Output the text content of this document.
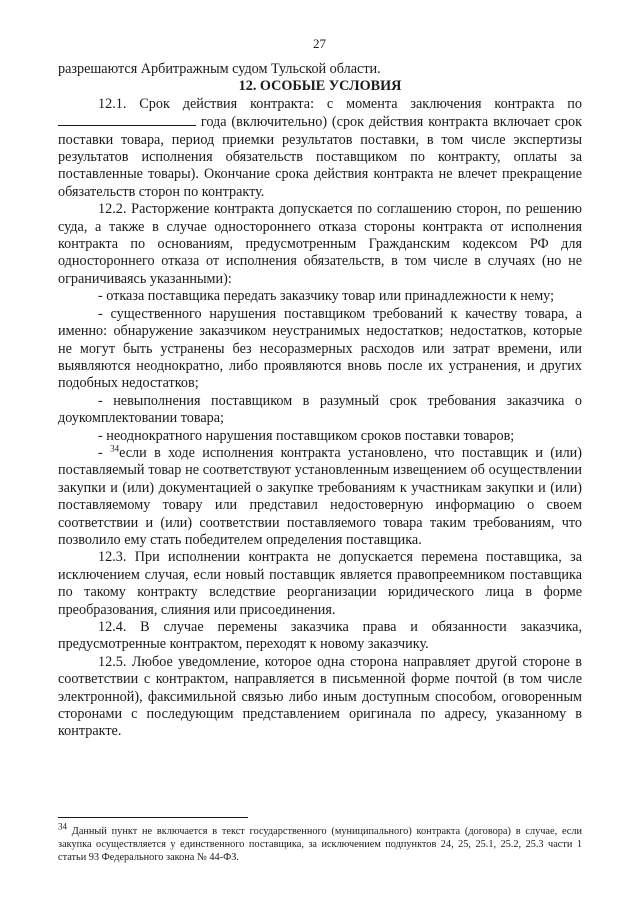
27

разрешаются Арбитражным судом Тульской области.

12. ОСОБЫЕ УСЛОВИЯ

12.1. Срок действия контракта: с момента заключения контракта по  года (включительно) (срок действия контракта включает срок поставки товара, период приемки результатов поставки, в том числе экспертизы результатов исполнения обязательств поставщиком по контракту, оплаты за поставленные товары). Окончание срока действия контракта не влечет прекращение обязательств сторон по контракту.

12.2. Расторжение контракта допускается по соглашению сторон, по решению суда, а также в случае одностороннего отказа стороны контракта от исполнения контракта по основаниям, предусмотренным Гражданским кодексом РФ для одностороннего отказа от исполнения обязательств, в том числе в случаях (но не ограничиваясь указанными):

- отказа поставщика передать заказчику товар или принадлежности к нему;

- существенного нарушения поставщиком требований к качеству товара, а именно: обнаружение заказчиком неустранимых недостатков; недостатков, которые не могут быть устранены без несоразмерных расходов или затрат времени, или выявляются неоднократно, либо проявляются вновь после их устранения, и других подобных недостатков;

- невыполнения поставщиком в разумный срок требования заказчика о доукомплектовании товара;

- неоднократного нарушения поставщиком сроков поставки товаров;

- $^{34}$если в ходе исполнения контракта установлено, что поставщик и (или) поставляемый товар не соответствуют установленным извещением об осуществлении закупки и (или) документацией о закупке требованиям к участникам закупки и (или) поставляемому товару или представил недостоверную информацию о своем соответствии и (или) соответствии поставляемого товара таким требованиям, что позволило ему стать победителем определения поставщика.

12.3. При исполнении контракта не допускается перемена поставщика, за исключением случая, если новый поставщик является правопреемником поставщика по такому контракту вследствие реорганизации юридического лица в форме преобразования, слияния или присоединения.

12.4. В случае перемены заказчика права и обязанности заказчика, предусмотренные контрактом, переходят к новому заказчику.

12.5. Любое уведомление, которое одна сторона направляет другой стороне в соответствии с контрактом, направляется в письменной форме почтой (в том числе электронной), факсимильной связью либо иным доступным способом, оговоренным сторонами с последующим представлением оригинала по адресу, указанному в контракте.

$^{34}$ Данный пункт не включается в текст государственного (муниципального) контракта (договора) в случае, если закупка осуществляется у единственного поставщика, за исключением подпунктов 24, 25, 25.1, 25.2, 25.3 части 1 статьи 93 Федерального закона № 44-ФЗ.
